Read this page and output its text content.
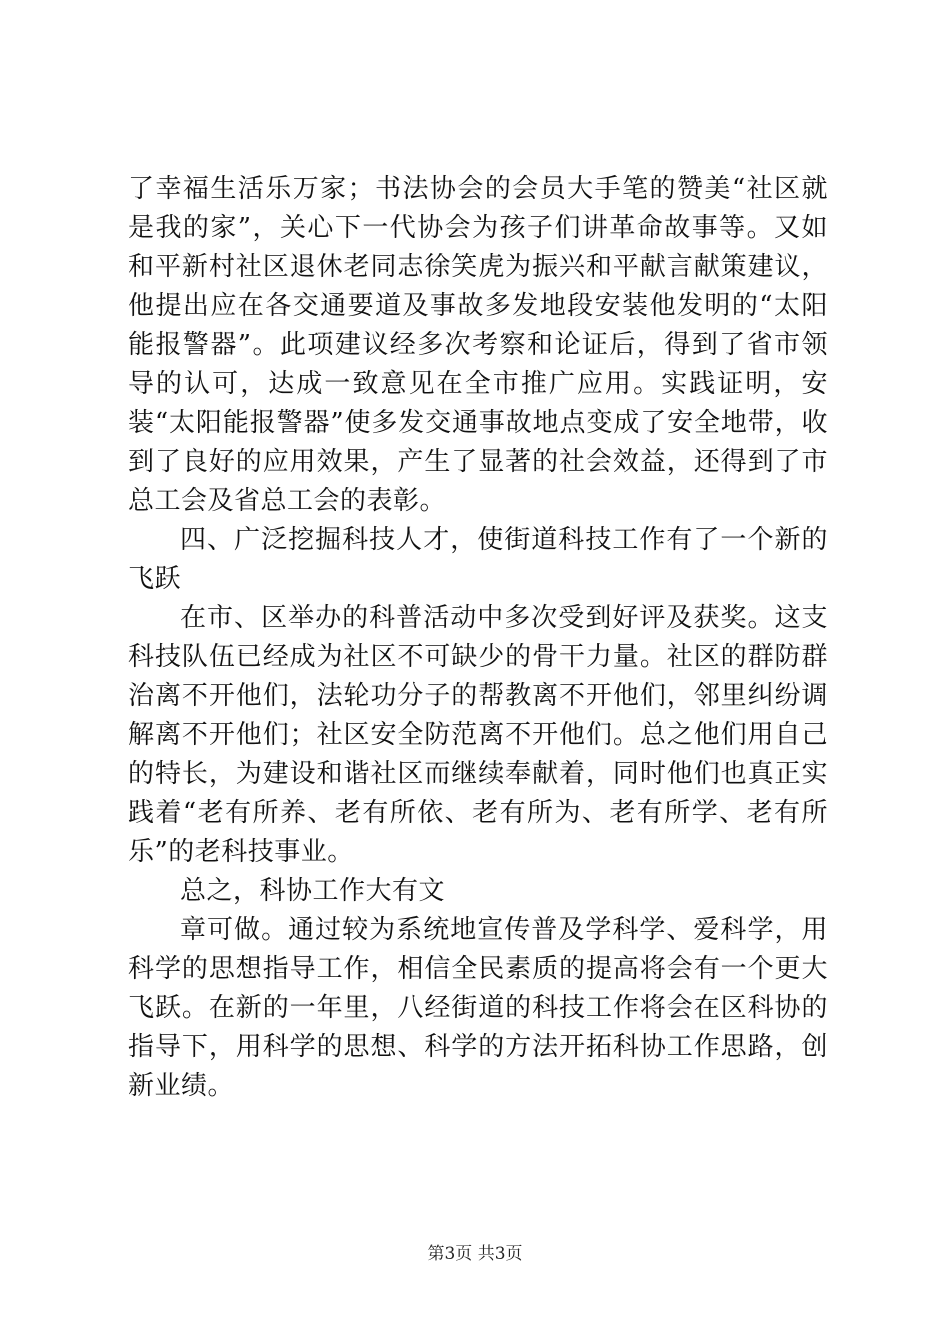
了幸福生活乐万家；书法协会的会员大手笔的赞美“社区就是我的家”，关心下一代协会为孩子们讲革命故事等。又如和平新村社区退休老同志徐笑虎为振兴和平献言献策建议，他提出应在各交通要道及事故多发地段安装他发明的“太阳能报警器”。此项建议经多次考察和论证后，得到了省市领导的认可，达成一致意见在全市推广应用。实践证明，安装“太阳能报警器”使多发交通事故地点变成了安全地带，收到了良好的应用效果，产生了显著的社会效益，还得到了市总工会及省总工会的表彰。

四、广泛挖掘科技人才，使街道科技工作有了一个新的飞跃

在市、区举办的科普活动中多次受到好评及获奖。这支科技队伍已经成为社区不可缺少的骨干力量。社区的群防群治离不开他们，法轮功分子的帮教离不开他们，邻里纠纷调解离不开他们；社区安全防范离不开他们。总之他们用自己的特长，为建设和谐社区而继续奉献着，同时他们也真正实践着“老有所养、老有所依、老有所为、老有所学、老有所乐”的老科技事业。

总之，科协工作大有文

章可做。通过较为系统地宣传普及学科学、爱科学，用科学的思想指导工作，相信全民素质的提高将会有一个更大飞跃。在新的一年里，八经街道的科技工作将会在区科协的指导下，用科学的思想、科学的方法开拓科协工作思路，创新业绩。

第3页 共3页
